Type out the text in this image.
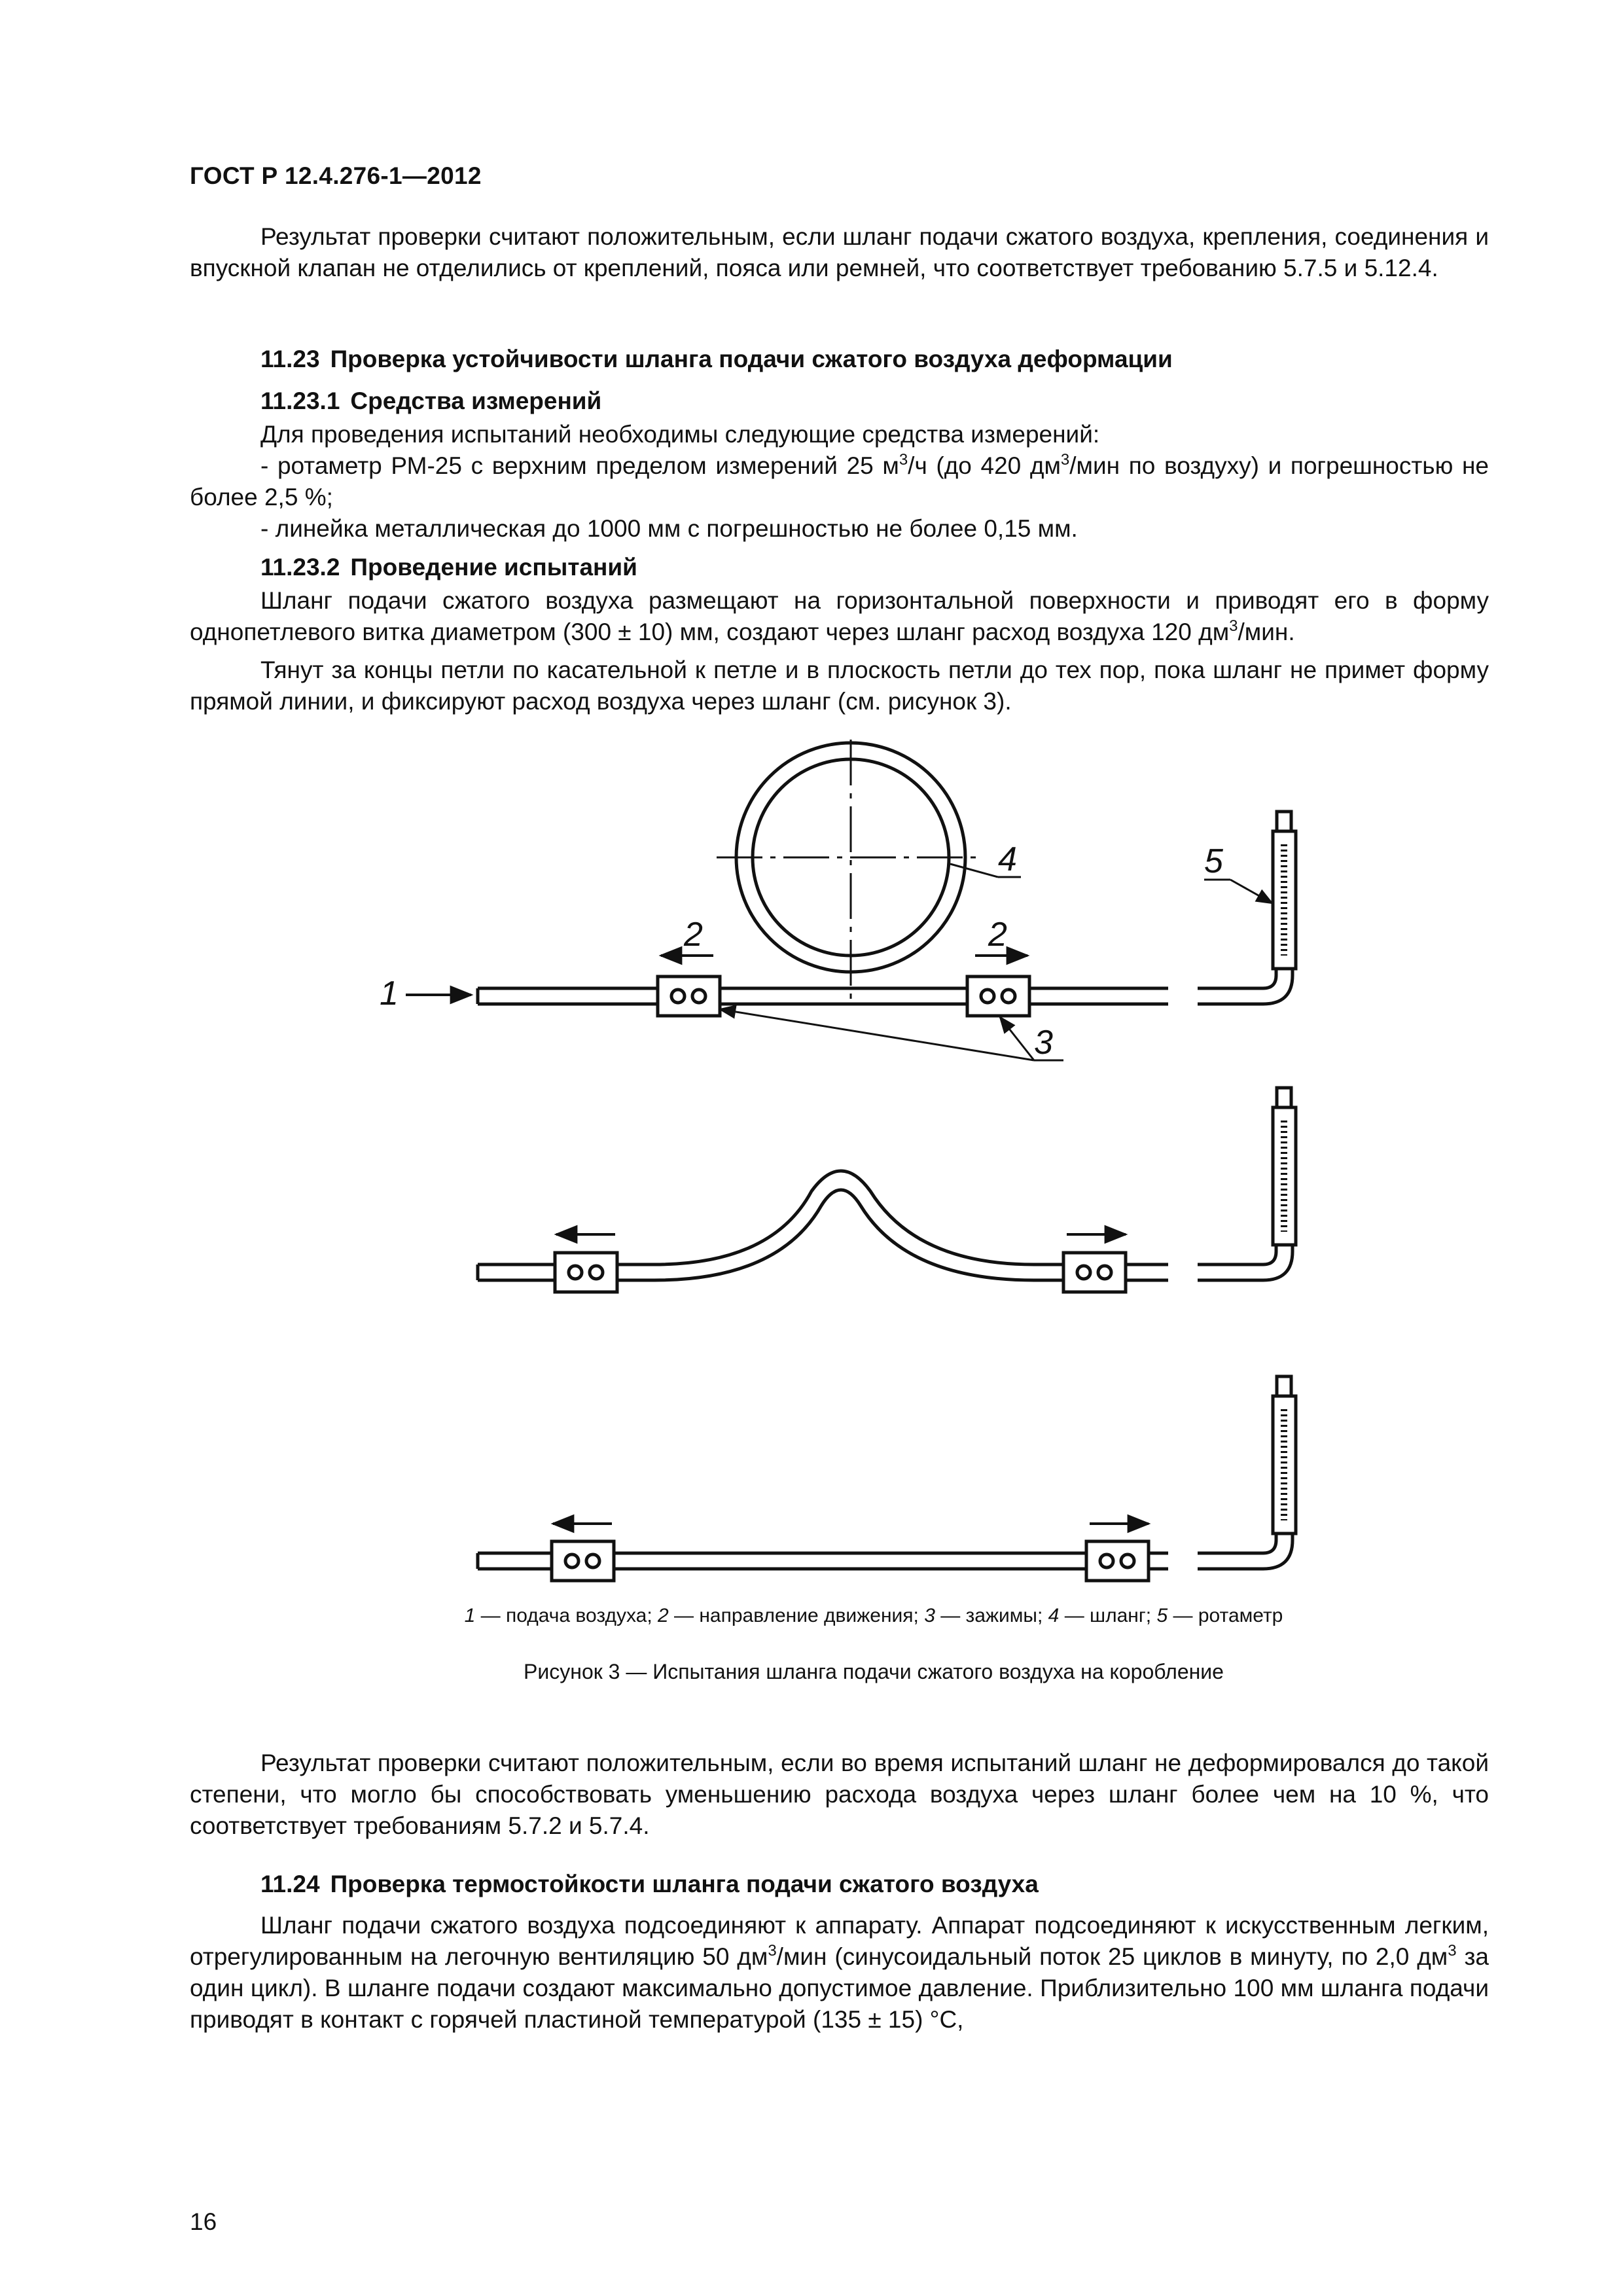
ГОСТ Р 12.4.276-1—2012

Результат проверки считают положительным, если шланг подачи сжатого воздуха, крепления, соединения и впускной клапан не отделились от креплений, пояса или ремней, что соответствует требованию 5.7.5 и 5.12.4.

11.23 Проверка устойчивости шланга подачи сжатого воздуха деформации
11.23.1 Средства измерений

Для проведения испытаний необходимы следующие средства измерений:

- ротаметр РМ-25 с верхним пределом измерений 25 $м^3/ч$ (до 420 $дм^3$/мин по воздуху) и погрешностью не более 2,5 %;

- линейка металлическая до 1000 мм с погрешностью не более 0,15 мм.

11.23.2 Проведение испытаний

Шланг подачи сжатого воздуха размещают на горизонтальной поверхности и приводят его в форму однопетлевого витка диаметром (300 ± 10) мм, создают через шланг расход воздуха 120 $дм^3$/мин.

Тянут за концы петли по касательной к петле и в плоскость петли до тех пор, пока шланг не примет форму прямой линии, и фиксируют расход воздуха через шланг (см. рисунок 3).

1
2	2
3
4	5
1 — подача воздуха; 2 — направление движения; 3 — зажимы; 4 — шланг; 5 — ротаметр
Рисунок 3 — Испытания шланга подачи сжатого воздуха на коробление

Результат проверки считают положительным, если во время испытаний шланг не деформировался до такой степени, что могло бы способствовать уменьшению расхода воздуха через шланг более чем на 10 %, что соответствует требованиям 5.7.2 и 5.7.4.

11.24 Проверка термостойкости шланга подачи сжатого воздуха

Шланг подачи сжатого воздуха подсоединяют к аппарату. Аппарат подсоединяют к искусственным легким, отрегулированным на легочную вентиляцию 50 $дм^3$/мин (синусоидальный поток 25 циклов в минуту, по 2,0 $дм^3$ за один цикл). В шланге подачи создают максимально допустимое давление. Приблизительно 100 мм шланга подачи приводят в контакт с горячей пластиной температурой (135 ± 15) °С,

16
